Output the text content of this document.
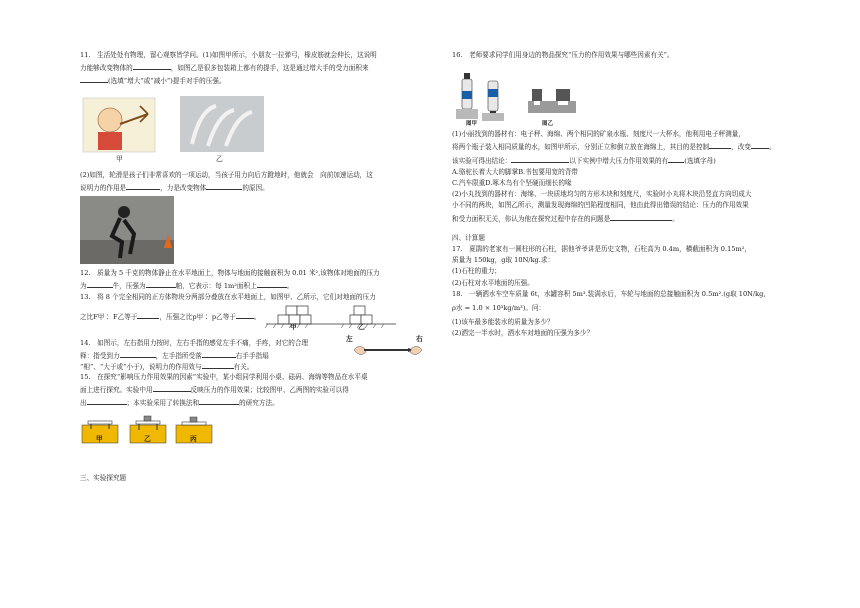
11.　生活处处有物理，留心观察皆学问。(1)如图甲所示，小朋友一拉弹弓，橡皮筋就会伸长，这说明

力能够改变物体的	，如图乙是很多包装箱上都有的提手，这是通过增大手的受力面积来

(选填“增大”或“减小”)提手对手的压强。

甲	乙

(2)如图，轮滑是孩子们非常喜欢的一项运动，当孩子用力向后方蹬地时，他就会　向前加速运动，这

说明力的作用是	，力是改变物体	的原因。

12.　质量为 5 千克的物体静止在水平地面上，物体与地面的接触面积为 0.01 米²,该物体对地面的压力

为	牛，压强为	帕，它表示：每 1m²面积上	。

13.　将 8 个完全相同的正方体物块分两部分叠放在水平地面上，如图甲、乙所示，它们对地面的压力

之比F甲∶ F乙等于	，压强之比p甲∶ p乙等于	。

甲	乙

14.　如图示，左右指用力按时，左右手指的感觉左手不痛，手疼，对它的合理

释：指受到力	，左手指所受落	右手手指塌

“相”、“大于或“小于)，说明力的作用效与	有关。

左	右

15.　在探究“影响压力作用效果的因素”实验中，某小组同学利用小桌、砝码、海绵等物品在水平桌

面上进行探究。实验中用	反映压力的作用效果；比较图甲、乙两图的实验可以得

出	；本实验采用了转换法和	的研究方法。

甲	乙	丙

三、实验探究题

16.　老师要求同学们用身边的物品探究“压力的作用效果与哪些因素有关”。

图甲	图乙

(1)小丽找到的器材有：电子秤、海绵、两个相同的矿泉水瓶、刻度尺一大杯水，他利用电子秤测量，

将两个瓶子装入相同质量的水，如图甲所示，分别正立和倒立放在海绵上，其目的是控制	，改变	。

该实验可得出结论：	以下实例中增大压力作用效果的有 (选填字母)

A.骆驼长着大大的脚掌B.书包要用宽的背带

C.汽车限重D.啄木鸟有个坚硬而细长的喙

(2)小丸找到的器材有：海绵、一块质地均匀的方形木块和刻度尺，实验时小丸将木块沿竖直方向切成大

小不同的两块，如图乙所示，测量发现海绵的凹陷程度相同，他由此得出错误的结论：压力的作用效果

和受力面积无关，你认为他在探究过程中存在的问题是	。

四、计算题

17.　夏鹃的老家有一圆柱形的石柱，据他爷爷讲是历史文物，石柱高为 0.4m，横截面积为 0.15m²，

质量为 150kg，g取 10N/kg.求：

(1)石柱的重力；

(2)石柱对水平地面的压强。

18.　一辆洒水车空车质量 6t，水罐容积 5m³.装满水后，车轮与地面的总接触面积为 0.5m².(g取 10N/kg,

ρ水 = 1.0 × 10³kg/m³)。问：

(1)该车最多能装水的质量为多少？

(2)洒完一半水时，洒水车对地面的压强为多少？
